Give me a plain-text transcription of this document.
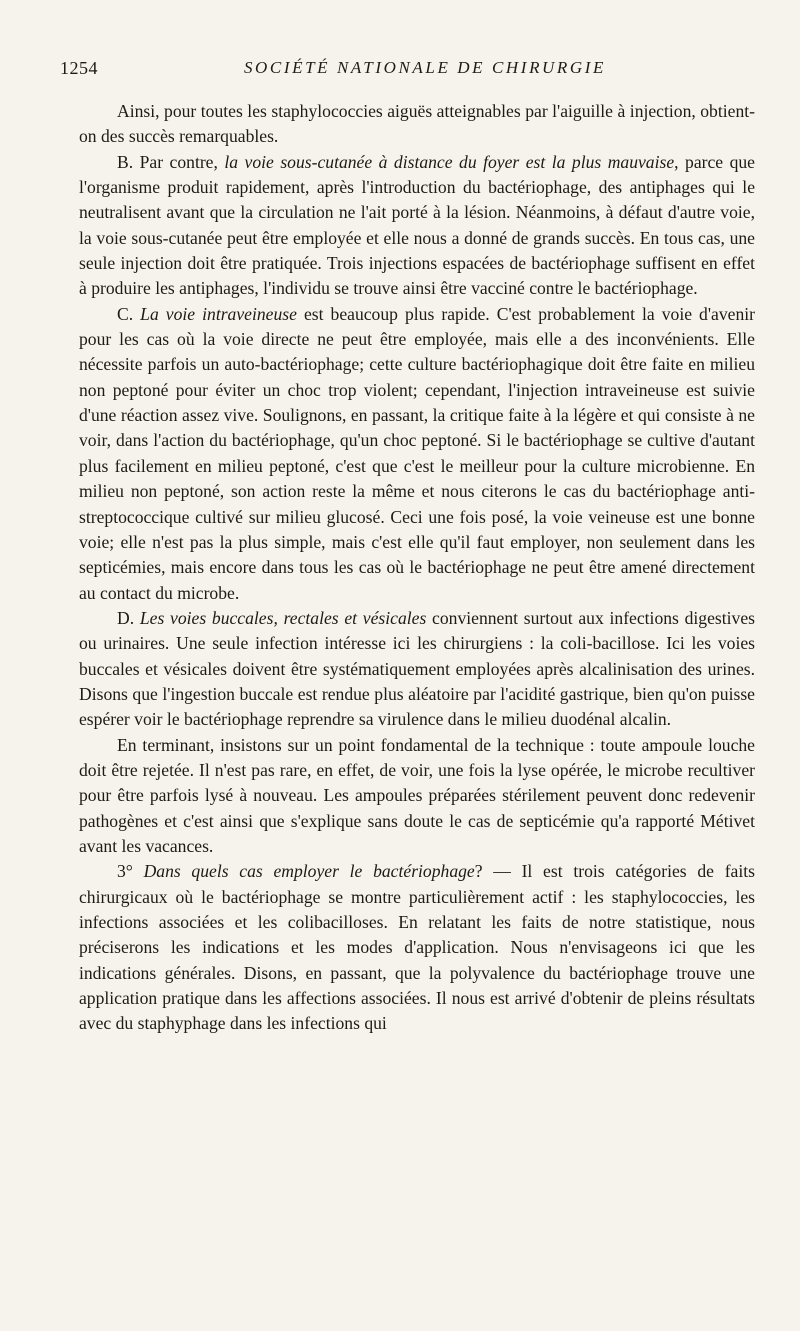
1254	SOCIÉTÉ NATIONALE DE CHIRURGIE

Ainsi, pour toutes les staphylococcies aiguës atteignables par l'aiguille à injection, obtient-on des succès remarquables.

B. Par contre, la voie sous-cutanée à distance du foyer est la plus mauvaise, parce que l'organisme produit rapidement, après l'introduction du bactériophage, des antiphages qui le neutralisent avant que la circulation ne l'ait porté à la lésion. Néanmoins, à défaut d'autre voie, la voie sous-cutanée peut être employée et elle nous a donné de grands succès. En tous cas, une seule injection doit être pratiquée. Trois injections espacées de bactériophage suffisent en effet à produire les antiphages, l'individu se trouve ainsi être vacciné contre le bactériophage.

C. La voie intraveineuse est beaucoup plus rapide. C'est probablement la voie d'avenir pour les cas où la voie directe ne peut être employée, mais elle a des inconvénients. Elle nécessite parfois un auto-bactériophage; cette culture bactériophagique doit être faite en milieu non peptoné pour éviter un choc trop violent; cependant, l'injection intraveineuse est suivie d'une réaction assez vive. Soulignons, en passant, la critique faite à la légère et qui consiste à ne voir, dans l'action du bactériophage, qu'un choc peptoné. Si le bactériophage se cultive d'autant plus facilement en milieu peptoné, c'est que c'est le meilleur pour la culture microbienne. En milieu non peptoné, son action reste la même et nous citerons le cas du bactériophage anti-streptococcique cultivé sur milieu glucosé. Ceci une fois posé, la voie veineuse est une bonne voie; elle n'est pas la plus simple, mais c'est elle qu'il faut employer, non seulement dans les septicémies, mais encore dans tous les cas où le bactériophage ne peut être amené directement au contact du microbe.

D. Les voies buccales, rectales et vésicales conviennent surtout aux infections digestives ou urinaires. Une seule infection intéresse ici les chirurgiens : la coli-bacillose. Ici les voies buccales et vésicales doivent être systématiquement employées après alcalinisation des urines. Disons que l'ingestion buccale est rendue plus aléatoire par l'acidité gastrique, bien qu'on puisse espérer voir le bactériophage reprendre sa virulence dans le milieu duodénal alcalin.

En terminant, insistons sur un point fondamental de la technique : toute ampoule louche doit être rejetée. Il n'est pas rare, en effet, de voir, une fois la lyse opérée, le microbe recultiver pour être parfois lysé à nouveau. Les ampoules préparées stérilement peuvent donc redevenir pathogènes et c'est ainsi que s'explique sans doute le cas de septicémie qu'a rapporté Métivet avant les vacances.

3° Dans quels cas employer le bactériophage? — Il est trois catégories de faits chirurgicaux où le bactériophage se montre particulièrement actif : les staphylococcies, les infections associées et les colibacilloses. En relatant les faits de notre statistique, nous préciserons les indications et les modes d'application. Nous n'envisageons ici que les indications générales. Disons, en passant, que la polyvalence du bactériophage trouve une application pratique dans les affections associées. Il nous est arrivé d'obtenir de pleins résultats avec du staphyphage dans les infections qui
